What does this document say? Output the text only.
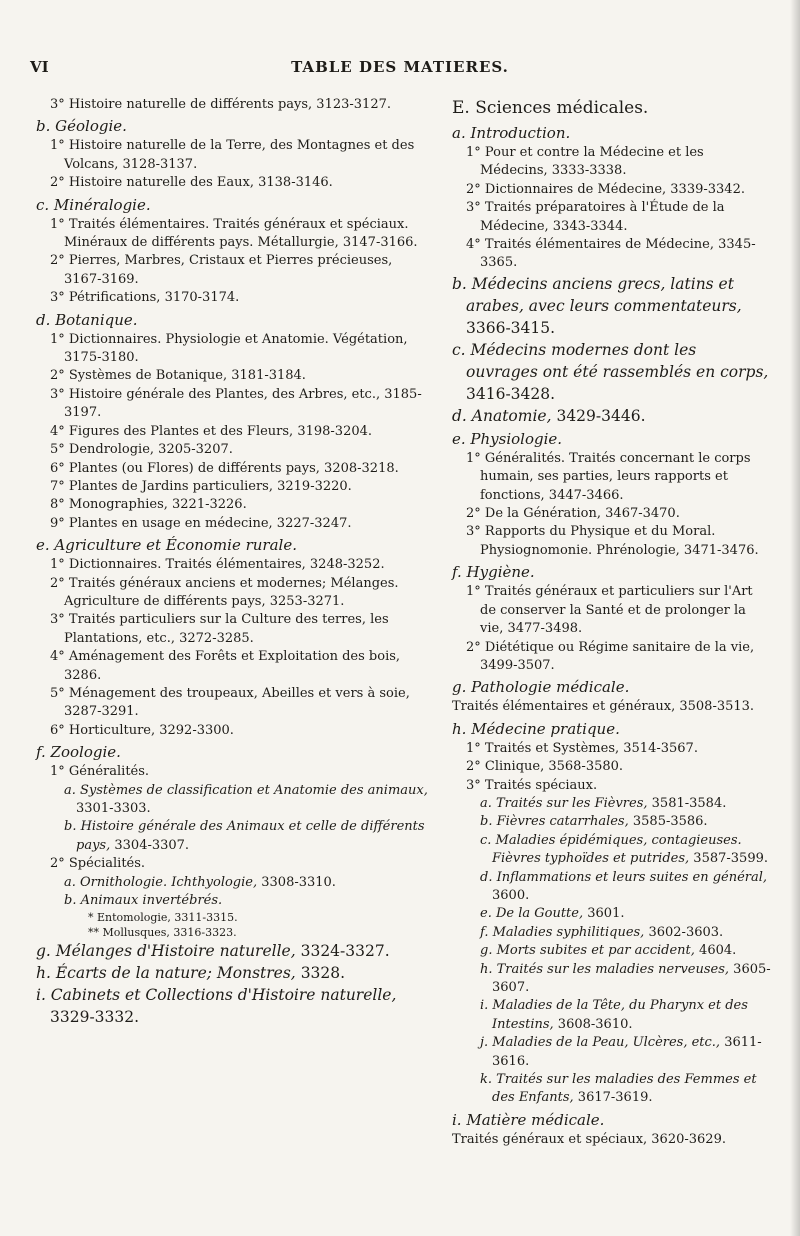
VI	TABLE DES MATIERES.

3° Histoire naturelle de différents pays, 3123-3127.

b. Géologie.

1° Histoire naturelle de la Terre, des Montagnes et des Volcans, 3128-3137.

2° Histoire naturelle des Eaux, 3138-3146.

c. Minéralogie.

1° Traités élémentaires. Traités généraux et spéciaux. Minéraux de différents pays. Métallurgie, 3147-3166.

2° Pierres, Marbres, Cristaux et Pierres précieuses, 3167-3169.

3° Pétrifications, 3170-3174.

d. Botanique.

1° Dictionnaires. Physiologie et Anatomie. Végétation, 3175-3180.

2° Systèmes de Botanique, 3181-3184.

3° Histoire générale des Plantes, des Arbres, etc., 3185-3197.

4° Figures des Plantes et des Fleurs, 3198-3204.

5° Dendrologie, 3205-3207.

6° Plantes (ou Flores) de différents pays, 3208-3218.

7° Plantes de Jardins particuliers, 3219-3220.

8° Monographies, 3221-3226.

9° Plantes en usage en médecine, 3227-3247.

e. Agriculture et Économie rurale.

1° Dictionnaires. Traités élémentaires, 3248-3252.

2° Traités généraux anciens et modernes; Mélanges. Agriculture de différents pays, 3253-3271.

3° Traités particuliers sur la Culture des terres, les Plantations, etc., 3272-3285.

4° Aménagement des Forêts et Exploitation des bois, 3286.

5° Ménagement des troupeaux, Abeilles et vers à soie, 3287-3291.

6° Horticulture, 3292-3300.

f. Zoologie.

1° Généralités.

a. Systèmes de classification et Anatomie des animaux, 3301-3303.

b. Histoire générale des Animaux et celle de différents pays, 3304-3307.

2° Spécialités.

a. Ornithologie. Ichthyologie, 3308-3310.

b. Animaux invertébrés.

* Entomologie, 3311-3315.

** Mollusques, 3316-3323.

g. Mélanges d'Histoire naturelle, 3324-3327.

h. Écarts de la nature; Monstres, 3328.

i. Cabinets et Collections d'Histoire naturelle, 3329-3332.

E. Sciences médicales.

a. Introduction.

1° Pour et contre la Médecine et les Médecins, 3333-3338.

2° Dictionnaires de Médecine, 3339-3342.

3° Traités préparatoires à l'Étude de la Médecine, 3343-3344.

4° Traités élémentaires de Médecine, 3345-3365.

b. Médecins anciens grecs, latins et arabes, avec leurs commentateurs, 3366-3415.

c. Médecins modernes dont les ouvrages ont été rassemblés en corps, 3416-3428.

d. Anatomie, 3429-3446.

e. Physiologie.

1° Généralités. Traités concernant le corps humain, ses parties, leurs rapports et fonctions, 3447-3466.

2° De la Génération, 3467-3470.

3° Rapports du Physique et du Moral. Physiognomonie. Phrénologie, 3471-3476.

f. Hygiène.

1° Traités généraux et particuliers sur l'Art de conserver la Santé et de prolonger la vie, 3477-3498.

2° Diététique ou Régime sanitaire de la vie, 3499-3507.

g. Pathologie médicale.

Traités élémentaires et généraux, 3508-3513.

h. Médecine pratique.

1° Traités et Systèmes, 3514-3567.

2° Clinique, 3568-3580.

3° Traités spéciaux.

a. Traités sur les Fièvres, 3581-3584.

b. Fièvres catarrhales, 3585-3586.

c. Maladies épidémiques, contagieuses. Fièvres typhoïdes et putrides, 3587-3599.

d. Inflammations et leurs suites en général, 3600.

e. De la Goutte, 3601.

f. Maladies syphilitiques, 3602-3603.

g. Morts subites et par accident, 4604.

h. Traités sur les maladies nerveuses, 3605-3607.

i. Maladies de la Tête, du Pharynx et des Intestins, 3608-3610.

j. Maladies de la Peau, Ulcères, etc., 3611-3616.

k. Traités sur les maladies des Femmes et des Enfants, 3617-3619.

i. Matière médicale.

Traités généraux et spéciaux, 3620-3629.
